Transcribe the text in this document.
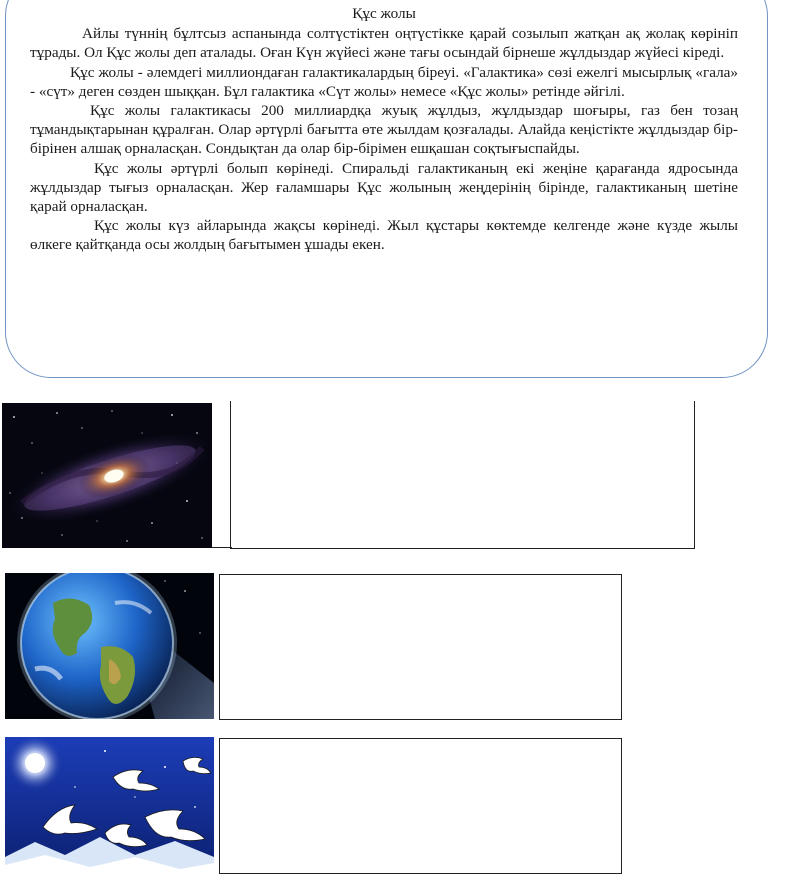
Құс жолы

Айлы түннің бұлтсыз аспанында солтүстіктен оңтүстікке қарай созылып жатқан ақ жолақ көрініп тұрады. Ол Құс жолы деп аталады. Оған Күн жүйесі және тағы осындай бірнеше жұлдыздар жүйесі кіреді.

Құс жолы - әлемдегі миллиондаған галактикалардың біреуі. «Галактика» сөзі ежелгі мысырлық «гала» - «сүт» деген сөзден шыққан. Бұл галактика «Сүт жолы» немесе «Құс жолы» ретінде әйгілі.

Құс жолы галактикасы 200 миллиардқа жуық жұлдыз, жұлдыздар шоғыры, газ бен тозаң тұмандықтарынан құралған. Олар әртүрлі бағытта өте жылдам қозғалады. Алайда кеңістікте жұлдыздар бір-бірінен алшақ орналасқан. Сондықтан да олар бір-бірімен ешқашан соқтығыспайды.

Құс жолы әртүрлі болып көрінеді. Спиральді галактиканың екі жеңіне қарағанда ядросында жұлдыздар тығыз орналасқан. Жер ғаламшары Құс жолының жеңдерінің бірінде, галактиканың шетіне қарай орналасқан.

Құс жолы күз айларында жақсы көрінеді. Жыл құстары көктемде келгенде және күзде жылы өлкеге қайтқанда осы жолдың бағытымен ұшады екен.
